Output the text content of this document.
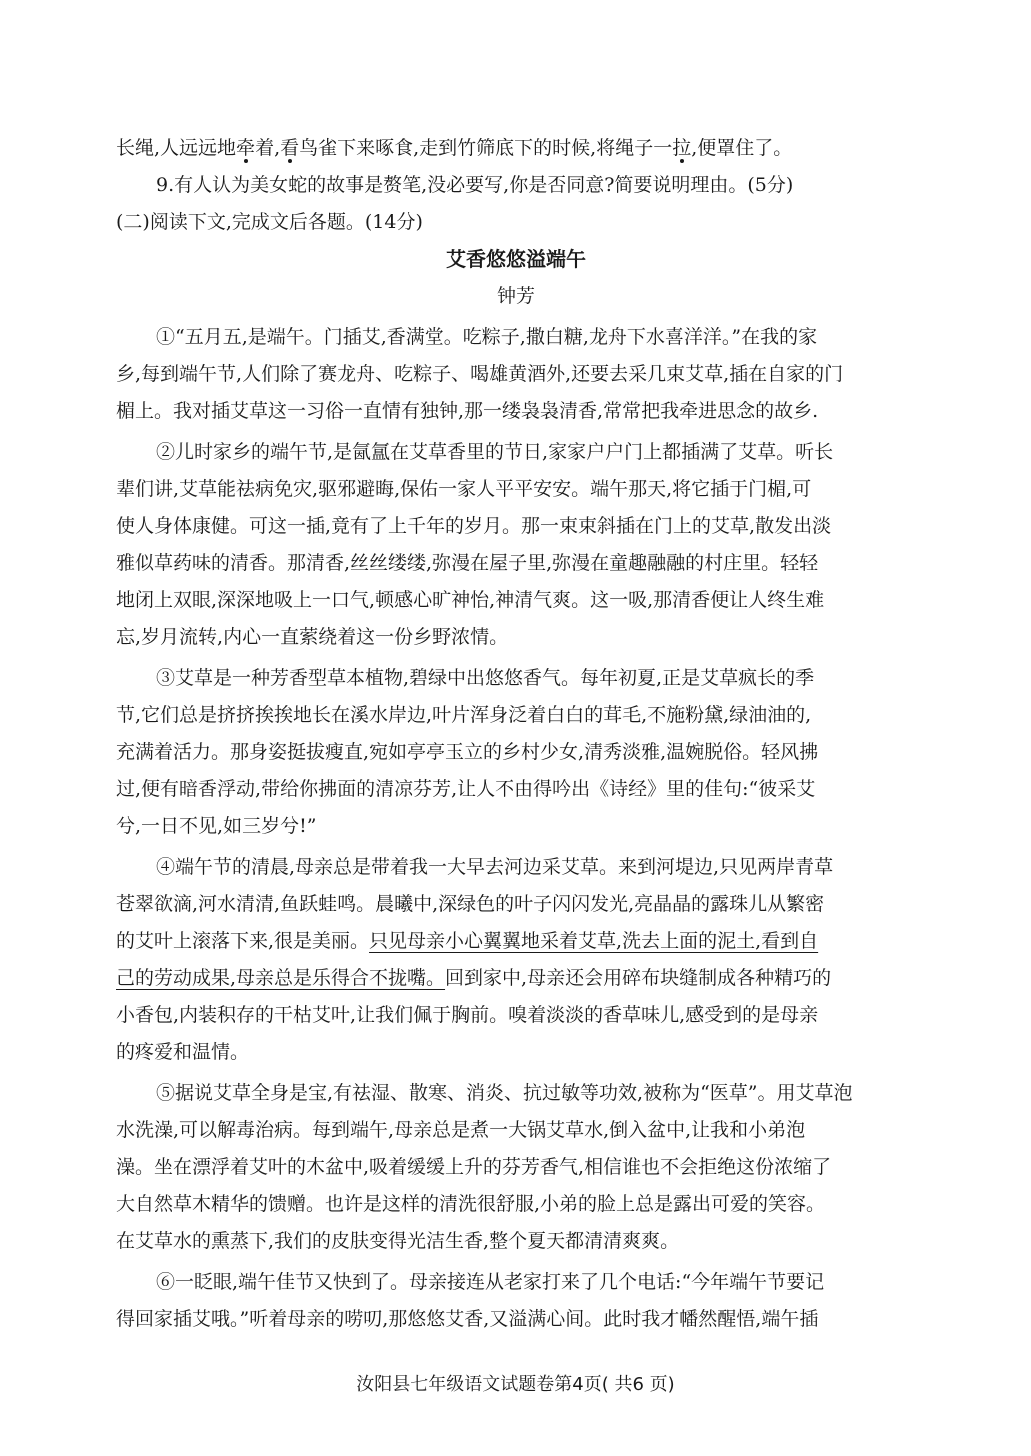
长绳,人远远地牵着,看鸟雀下来啄食,走到竹筛底下的时候,将绳子一拉,便罩住了。
9.有人认为美女蛇的故事是赘笔,没必要写,你是否同意?简要说明理由。(5分)
(二)阅读下文,完成文后各题。(14分)
艾香悠悠溢端午
钟芳
①“五月五,是端午。门插艾,香满堂。吃粽子,撒白糖,龙舟下水喜洋洋。”在我的家
乡,每到端午节,人们除了赛龙舟、吃粽子、喝雄黄酒外,还要去采几束艾草,插在自家的门
楣上。我对插艾草这一习俗一直情有独钟,那一缕袅袅清香,常常把我牵进思念的故乡.
②儿时家乡的端午节,是氤氲在艾草香里的节日,家家户户门上都插满了艾草。听长
辈们讲,艾草能祛病免灾,驱邪避晦,保佑一家人平平安安。端午那天,将它插于门楣,可
使人身体康健。可这一插,竟有了上千年的岁月。那一束束斜插在门上的艾草,散发出淡
雅似草药味的清香。那清香,丝丝缕缕,弥漫在屋子里,弥漫在童趣融融的村庄里。轻轻
地闭上双眼,深深地吸上一口气,顿感心旷神怡,神清气爽。这一吸,那清香便让人终生难
忘,岁月流转,内心一直萦绕着这一份乡野浓情。
③艾草是一种芳香型草本植物,碧绿中出悠悠香气。每年初夏,正是艾草疯长的季
节,它们总是挤挤挨挨地长在溪水岸边,叶片浑身泛着白白的茸毛,不施粉黛,绿油油的,
充满着活力。那身姿挺拔瘦直,宛如亭亭玉立的乡村少女,清秀淡雅,温婉脱俗。轻风拂
过,便有暗香浮动,带给你拂面的清凉芬芳,让人不由得吟出《诗经》里的佳句:“彼采艾
兮,一日不见,如三岁兮!”
④端午节的清晨,母亲总是带着我一大早去河边采艾草。来到河堤边,只见两岸青草
苍翠欲滴,河水清清,鱼跃蛙鸣。晨曦中,深绿色的叶子闪闪发光,亮晶晶的露珠儿从繁密
的艾叶上滚落下来,很是美丽。只见母亲小心翼翼地采着艾草,洗去上面的泥土,看到自
己的劳动成果,母亲总是乐得合不拢嘴。回到家中,母亲还会用碎布块缝制成各种精巧的
小香包,内装积存的干枯艾叶,让我们佩于胸前。嗅着淡淡的香草味儿,感受到的是母亲
的疼爱和温情。
⑤据说艾草全身是宝,有祛湿、散寒、消炎、抗过敏等功效,被称为“医草”。用艾草泡
水洗澡,可以解毒治病。每到端午,母亲总是煮一大锅艾草水,倒入盆中,让我和小弟泡
澡。坐在漂浮着艾叶的木盆中,吸着缓缓上升的芬芳香气,相信谁也不会拒绝这份浓缩了
大自然草木精华的馈赠。也许是这样的清洗很舒服,小弟的脸上总是露出可爱的笑容。
在艾草水的熏蒸下,我们的皮肤变得光洁生香,整个夏天都清清爽爽。
⑥一眨眼,端午佳节又快到了。母亲接连从老家打来了几个电话:“今年端午节要记
得回家插艾哦。”听着母亲的唠叨,那悠悠艾香,又溢满心间。此时我才幡然醒悟,端午插
汝阳县七年级语文试题卷第4页( 共6 页)
